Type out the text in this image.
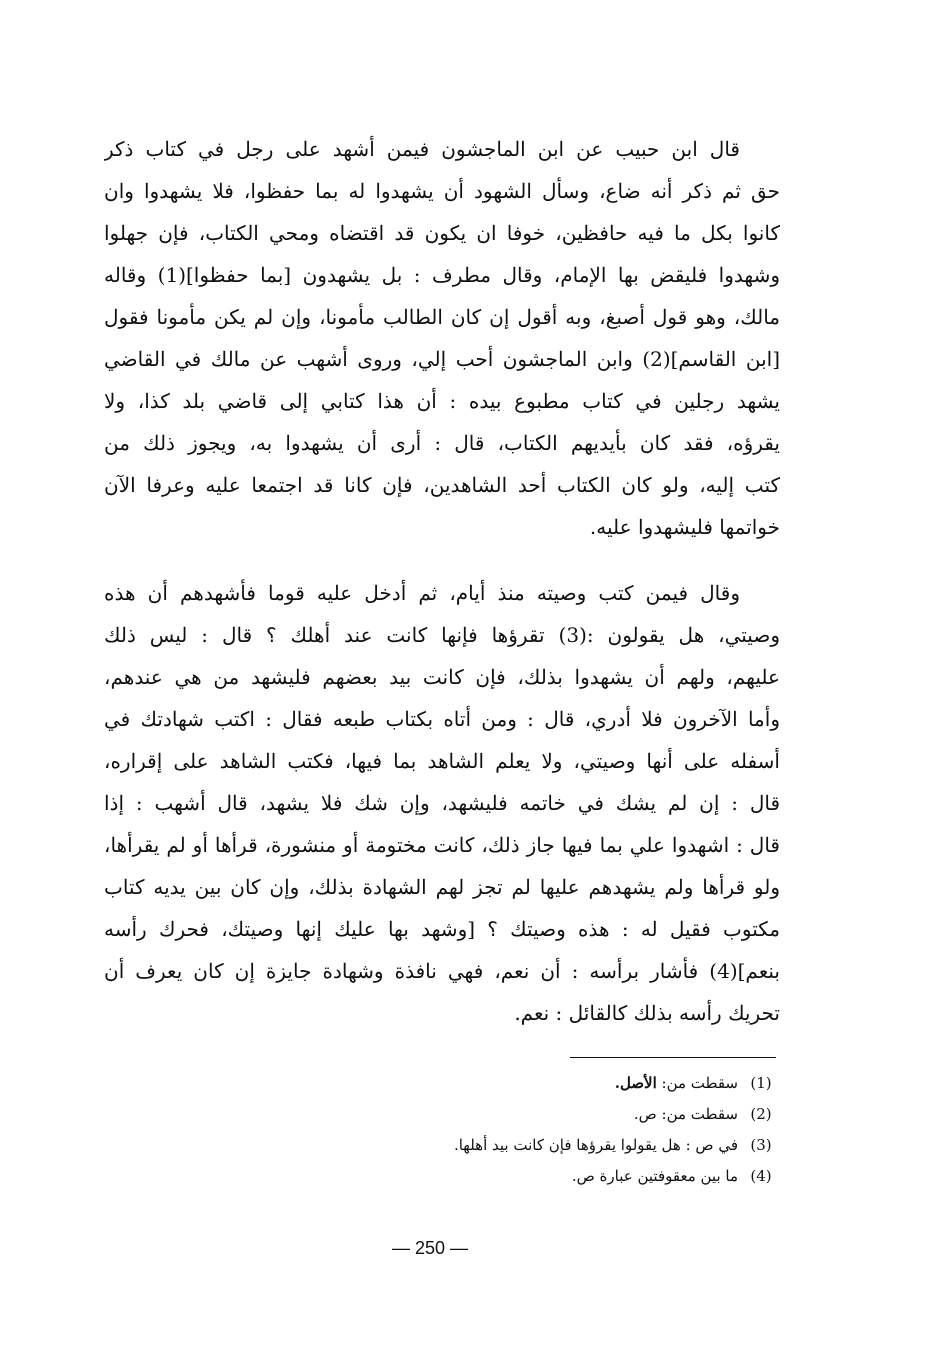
قال ابن حبيب عن ابن الماجشون فيمن أشهد على رجل في كتاب ذكر
حق ثم ذكر أنه ضاع، وسأل الشهود أن يشهدوا له بما حفظوا، فلا يشهدوا وان
كانوا بكل ما فيه حافظين، خوفا ان يكون قد اقتضاه ومحي الكتاب، فإن جهلوا
وشهدوا فليقض بها الإمام، وقال مطرف : بل يشهدون [بما حفظوا](1) وقاله
مالك، وهو قول أصبغ، وبه أقول إن كان الطالب مأمونا، وإن لم يكن مأمونا فقول
[ابن القاسم](2) وابن الماجشون أحب إلي، وروى أشهب عن مالك في القاضي
يشهد رجلين في كتاب مطبوع بيده : أن هذا كتابي إلى قاضي بلد كذا، ولا
يقرؤه، فقد كان بأيديهم الكتاب، قال : أرى أن يشهدوا به، ويجوز ذلك من
كتب إليه، ولو كان الكتاب أحد الشاهدين، فإن كانا قد اجتمعا عليه وعرفا الآن
خواتمها فليشهدوا عليه.
وقال فيمن كتب وصيته منذ أيام، ثم أدخل عليه قوما فأشهدهم أن هذه
وصيتي، هل يقولون :(3) تقرؤها فإنها كانت عند أهلك ؟ قال : ليس ذلك
عليهم، ولهم أن يشهدوا بذلك، فإن كانت بيد بعضهم فليشهد من هي عندهم،
وأما الآخرون فلا أدري، قال : ومن أتاه بكتاب طبعه فقال : اكتب شهادتك في
أسفله على أنها وصيتي، ولا يعلم الشاهد بما فيها، فكتب الشاهد على إقراره،
قال : إن لم يشك في خاتمه فليشهد، وإن شك فلا يشهد، قال أشهب : إذا
قال : اشهدوا علي بما فيها جاز ذلك، كانت مختومة أو منشورة، قرأها أو لم يقرأها،
ولو قرأها ولم يشهدهم عليها لم تجز لهم الشهادة بذلك، وإن كان بين يديه كتاب
مكتوب فقيل له : هذه وصيتك ؟ [وشهد بها عليك إنها وصيتك، فحرك رأسه
بنعم](4) فأشار برأسه : أن نعم، فهي نافذة وشهادة جايزة إن كان يعرف أن
تحريك رأسه بذلك كالقائل : نعم.
(1)سقطت من: الأصل.
(2)سقطت من: ص.
(3)في ص : هل يقولوا يقرؤها فإن كانت بيد أهلها.
(4)ما بين معقوفتين عبارة ص.
— 250 —
